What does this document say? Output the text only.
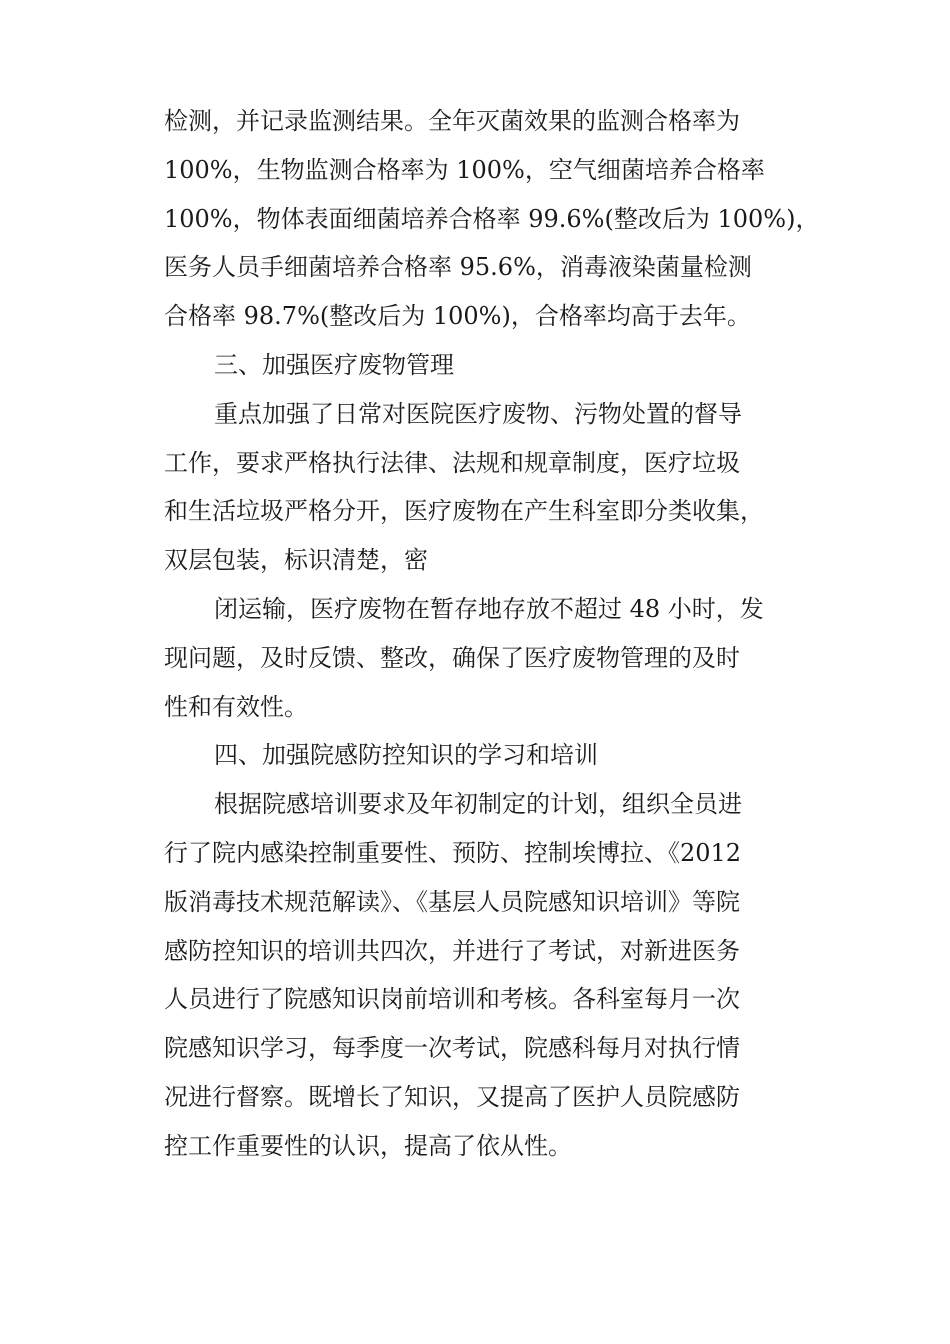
检测，并记录监测结果。全年灭菌效果的监测合格率为
100%，生物监测合格率为 100%，空气细菌培养合格率
100%，物体表面细菌培养合格率 99.6%(整改后为 100%)，
医务人员手细菌培养合格率 95.6%，消毒液染菌量检测
合格率 98.7%(整改后为 100%)，合格率均高于去年。
三、加强医疗废物管理
重点加强了日常对医院医疗废物、污物处置的督导
工作，要求严格执行法律、法规和规章制度，医疗垃圾
和生活垃圾严格分开，医疗废物在产生科室即分类收集，
双层包装，标识清楚，密
闭运输，医疗废物在暂存地存放不超过 48 小时，发
现问题，及时反馈、整改，确保了医疗废物管理的及时
性和有效性。
四、加强院感防控知识的学习和培训
根据院感培训要求及年初制定的计划，组织全员进
行了院内感染控制重要性、预防、控制埃博拉、《2012
版消毒技术规范解读》、《基层人员院感知识培训》等院
感防控知识的培训共四次，并进行了考试，对新进医务
人员进行了院感知识岗前培训和考核。各科室每月一次
院感知识学习，每季度一次考试，院感科每月对执行情
况进行督察。既增长了知识，又提高了医护人员院感防
控工作重要性的认识，提高了依从性。
